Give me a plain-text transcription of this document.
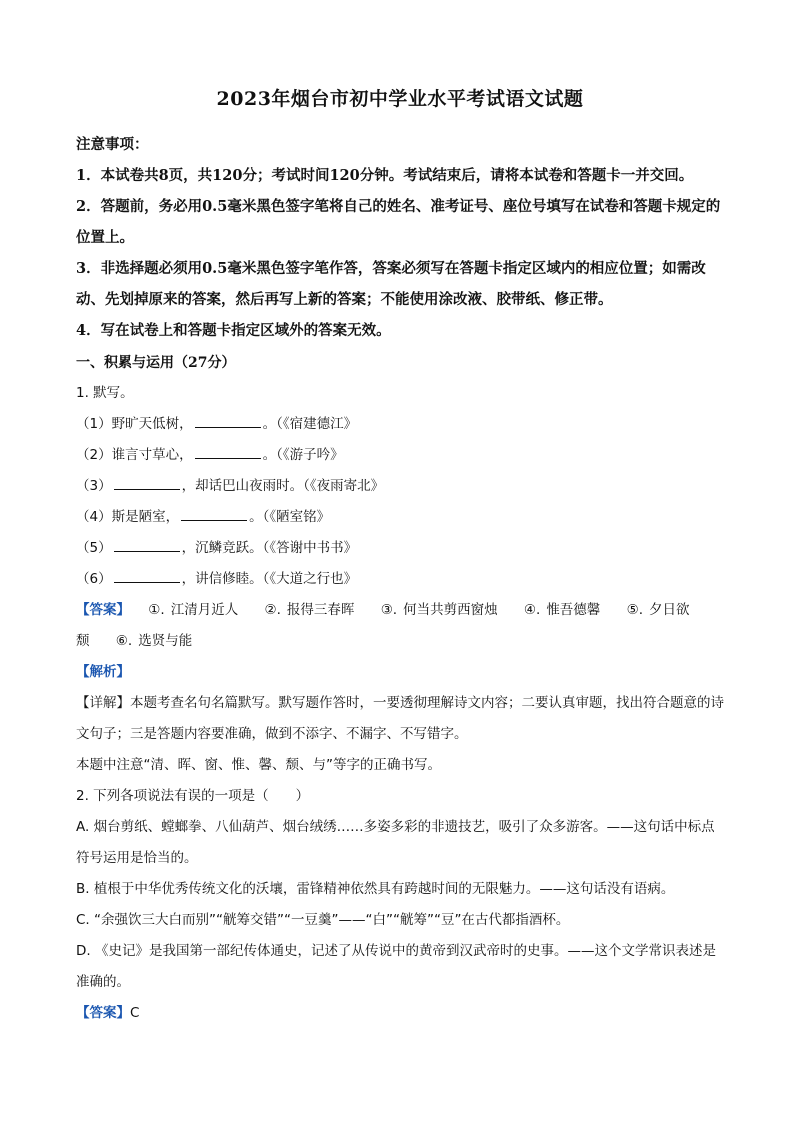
2023年烟台市初中学业水平考试语文试题

注意事项：

1．本试卷共8页，共120分；考试时间120分钟。考试结束后，请将本试卷和答题卡一并交回。

2．答题前，务必用0.5毫米黑色签字笔将自己的姓名、准考证号、座位号填写在试卷和答题卡规定的位置上。

3．非选择题必须用0.5毫米黑色签字笔作答，答案必须写在答题卡指定区域内的相应位置；如需改动、先划掉原来的答案，然后再写上新的答案；不能使用涂改液、胶带纸、修正带。

4．写在试卷上和答题卡指定区域外的答案无效。

一、积累与运用（27分）

1. 默写。

（1）野旷天低树，	。（《宿建德江》

（2）谁言寸草心，	。（《游子吟》

（3）	，却话巴山夜雨时。（《夜雨寄北》

（4）斯是陋室，	。（《陋室铭》

（5）	，沉鳞竞跃。（《答谢中书书》

（6）	，讲信修睦。（《大道之行也》

【答案】 ①. 江清月近人 ②. 报得三春晖 ③. 何当共剪西窗烛 ④. 惟吾德馨 ⑤. 夕日欲颓 ⑥. 选贤与能

【解析】

【详解】本题考查名句名篇默写。默写题作答时，一要透彻理解诗文内容；二要认真审题，找出符合题意的诗文句子；三是答题内容要准确，做到不添字、不漏字、不写错字。

本题中注意“清、晖、窗、惟、馨、颓、与”等字的正确书写。

2. 下列各项说法有误的一项是（　　）

A. 烟台剪纸、螳螂拳、八仙葫芦、烟台绒绣……多姿多彩的非遗技艺，吸引了众多游客。——这句话中标点符号运用是恰当的。

B. 植根于中华优秀传统文化的沃壤，雷锋精神依然具有跨越时间的无限魅力。——这句话没有语病。

C. “余强饮三大白而别”“觥筹交错”“一豆羹”——“白”“觥筹”“豆”在古代都指酒杯。

D. 《史记》是我国第一部纪传体通史，记述了从传说中的黄帝到汉武帝时的史事。——这个文学常识表述是准确的。

【答案】C
